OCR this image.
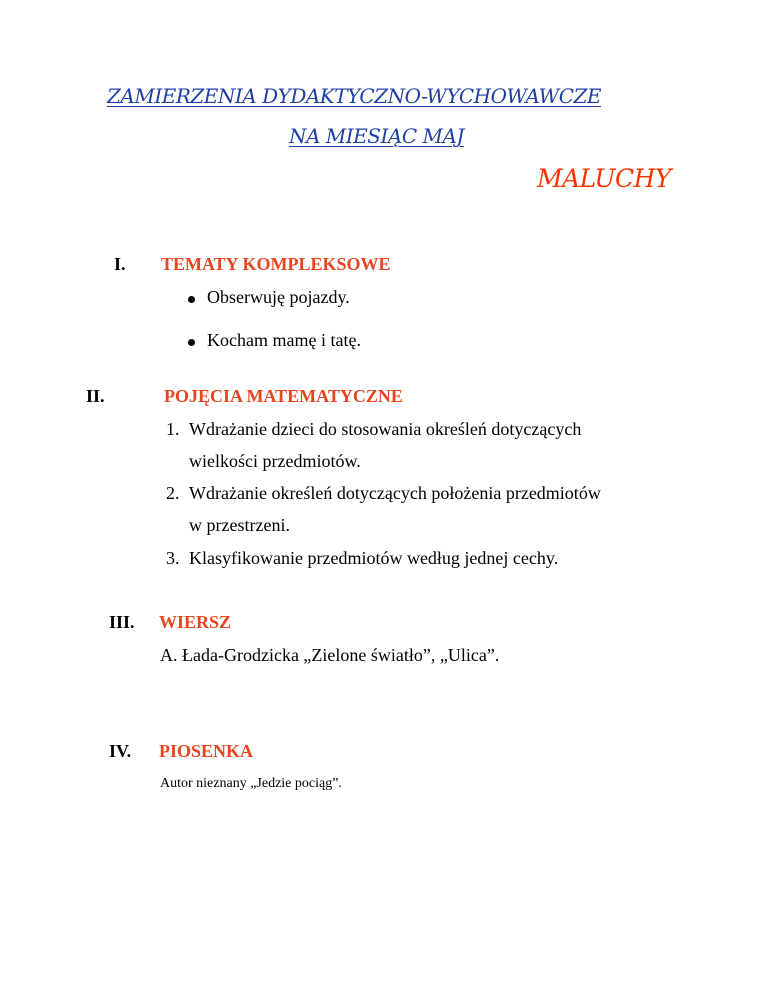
ZAMIERZENIA DYDAKTYCZNO-WYCHOWAWCZE
NA MIESIĄC MAJ
MALUCHY
I. TEMATY KOMPLEKSOWE
Obserwuję pojazdy.
Kocham mamę i tatę.
II.	POJĘCIA MATEMATYCZNE
1. Wdrażanie dzieci do stosowania określeń dotyczących
wielkości przedmiotów.
2. Wdrażanie określeń dotyczących położenia przedmiotów
w przestrzeni.
3. Klasyfikowanie przedmiotów według jednej cechy.
III. WIERSZ
A. Łada-Grodzicka „Zielone światło”, „Ulica”.
IV. PIOSENKA
Autor nieznany „Jedzie pociąg”.
